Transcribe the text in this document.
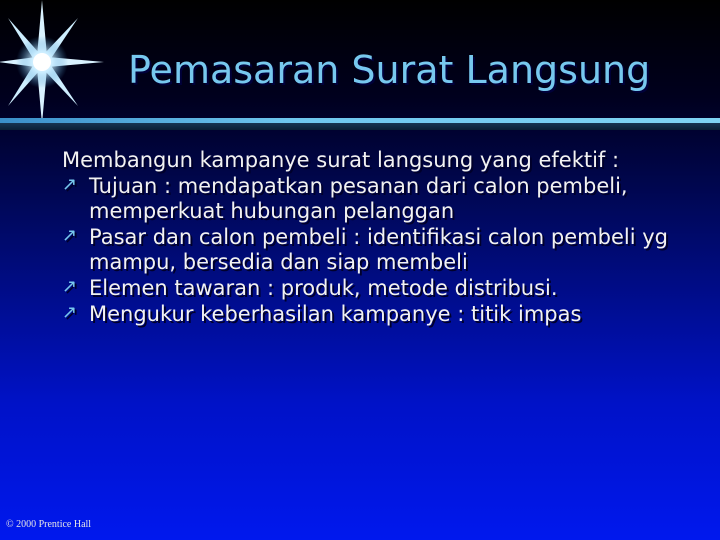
Pemasaran Surat Langsung

Membangun kampanye surat langsung yang efektif :

↗ Tujuan : mendapatkan pesanan dari calon pembeli, memperkuat hubungan pelanggan
↗ Pasar dan calon pembeli : identifikasi calon pembeli yg mampu, bersedia dan siap membeli
↗ Elemen tawaran : produk, metode distribusi.
↗ Mengukur keberhasilan kampanye : titik impas
© 2000 Prentice Hall
